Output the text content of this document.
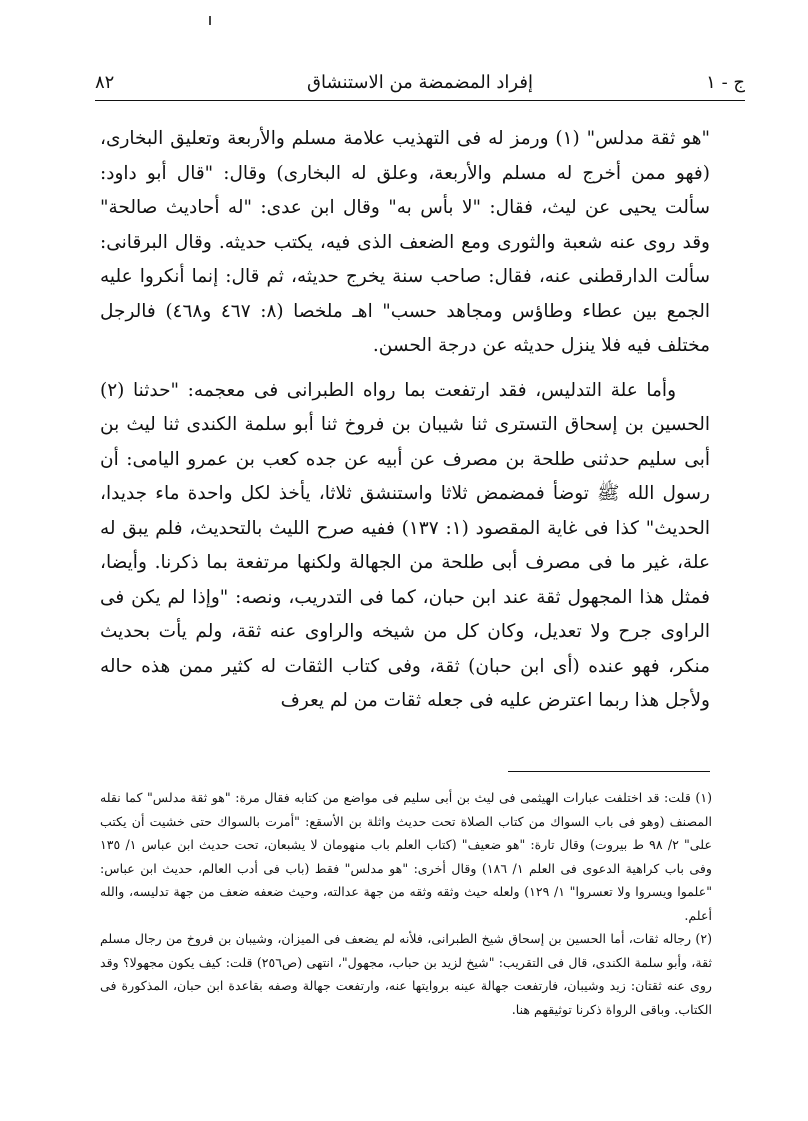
ج - ١
إفراد المضمضة من الاستنشاق
٨٢

"هو ثقة مدلس" (١) ورمز له فى التهذيب علامة مسلم والأربعة وتعليق البخارى، (فهو ممن أخرج له مسلم والأربعة، وعلق له البخارى) وقال: "قال أبو داود: سألت يحيى عن ليث، فقال: "لا بأس به" وقال ابن عدى: "له أحاديث صالحة" وقد روى عنه شعبة والثورى ومع الضعف الذى فيه، يكتب حديثه. وقال البرقانى: سألت الدارقطنى عنه، فقال: صاحب سنة يخرج حديثه، ثم قال: إنما أنكروا عليه الجمع بين عطاء وطاؤس ومجاهد حسب" اهـ ملخصا (٨: ٤٦٧ و٤٦٨) فالرجل مختلف فيه فلا ينزل حديثه عن درجة الحسن.

وأما علة التدليس، فقد ارتفعت بما رواه الطبرانى فى معجمه: "حدثنا (٢) الحسين بن إسحاق التسترى ثنا شيبان بن فروخ ثنا أبو سلمة الكندى ثنا ليث بن أبى سليم حدثنى طلحة بن مصرف عن أبيه عن جده كعب بن عمرو اليامى: أن رسول الله ﷺ توضأ فمضمض ثلاثا واستنشق ثلاثا، يأخذ لكل واحدة ماء جديدا، الحديث" كذا فى غاية المقصود (١: ١٣٧) ففيه صرح الليث بالتحديث، فلم يبق له علة، غير ما فى مصرف أبى طلحة من الجهالة ولكنها مرتفعة بما ذكرنا. وأيضا، فمثل هذا المجهول ثقة عند ابن حبان، كما فى التدريب، ونصه: "وإذا لم يكن فى الراوى جرح ولا تعديل، وكان كل من شيخه والراوى عنه ثقة، ولم يأت بحديث منكر، فهو عنده (أى ابن حبان) ثقة، وفى كتاب الثقات له كثير ممن هذه حاله ولأجل هذا ربما اعترض عليه فى جعله ثقات من لم يعرف

(١) قلت: قد اختلفت عبارات الهيثمى فى ليث بن أبى سليم فى مواضع من كتابه فقال مرة: "هو ثقة مدلس" كما نقله المصنف (وهو فى باب السواك من كتاب الصلاة تحت حديث واثلة بن الأسقع: "أمرت بالسواك حتى خشيت أن يكتب على" ٢/ ٩٨ ط بيروت) وقال تارة: "هو ضعيف" (كتاب العلم باب منهومان لا يشبعان، تحت حديث ابن عباس ١/ ١٣٥ وفى باب كراهية الدعوى فى العلم ١/ ١٨٦) وقال أخرى: "هو مدلس" فقط (باب فى أدب العالم، حديث ابن عباس: "علموا ويسروا ولا تعسروا" ١/ ١٢٩) ولعله حيث وثقه وثقه من جهة عدالته، وحيث ضعفه ضعف من جهة تدليسه، والله أعلم.

(٢) رجاله ثقات، أما الحسين بن إسحاق شيخ الطبرانى، فلأنه لم يضعف فى الميزان، وشيبان بن فروخ من رجال مسلم ثقة، وأبو سلمة الكندى، قال فى التقريب: "شيخ لزيد بن حباب، مجهول"، انتهى (ص٢٥٦) قلت: كيف يكون مجهولا؟ وقد روى عنه ثقتان: زيد وشيبان، فارتفعت جهالة عينه بروايتها عنه، وارتفعت جهالة وصفه بقاعدة ابن حبان، المذكورة فى الكتاب. وباقى الرواة ذكرنا توثيقهم هنا.
